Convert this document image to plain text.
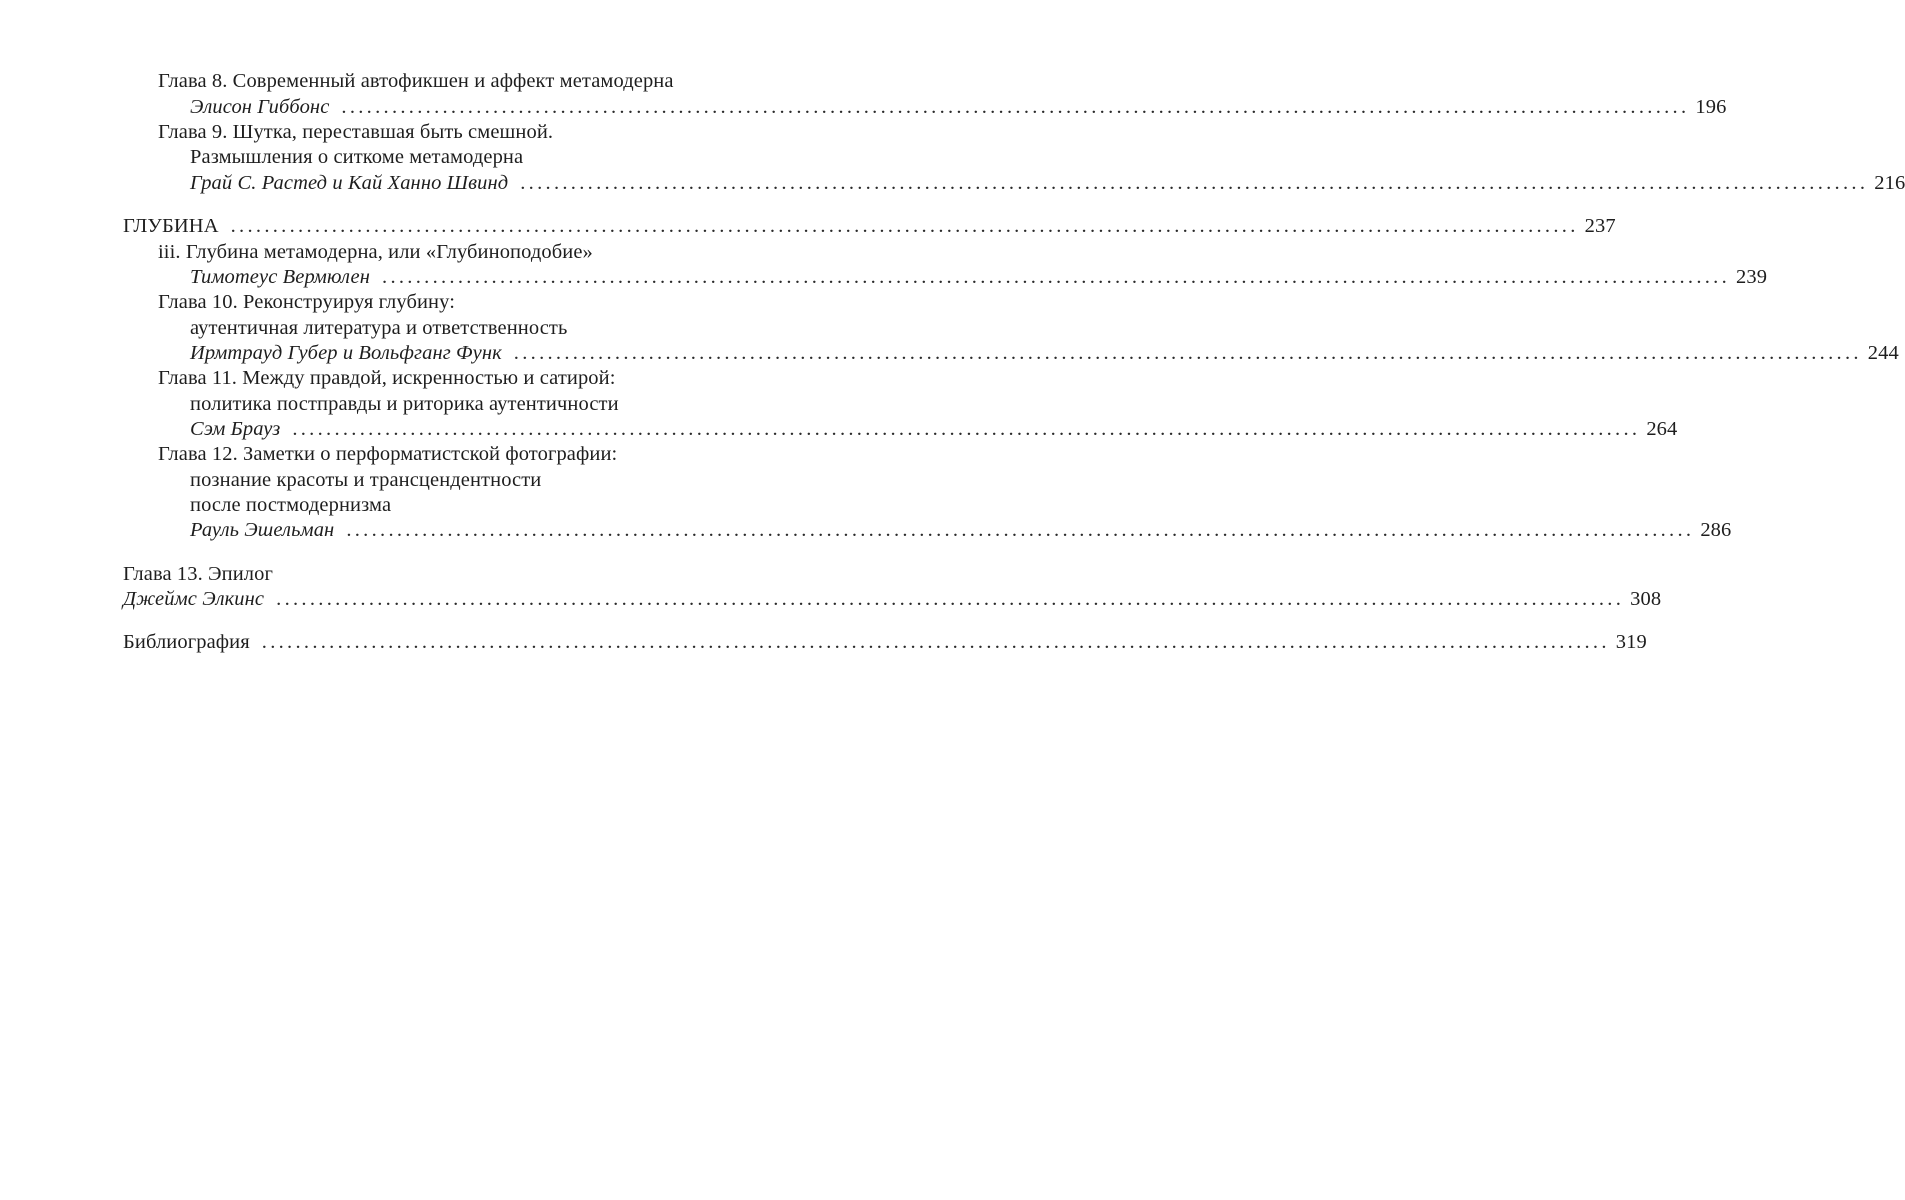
Глава 8. Современный автофикшен и аффект метамодерна
Элисон Гиббонс ................................................................................................................................................................ 196
Глава 9. Шутка, переставшая быть смешной.
Размышления о ситкоме метамодерна
Грай С. Растед и Кай Ханно Швинд ................................................................................................................................................................ 216
ГЛУБИНА ................................................................................................................................................................ 237
iii. Глубина метамодерна, или «Глубиноподобие»
Тимотеус Вермюлен ................................................................................................................................................................ 239
Глава 10. Реконструируя глубину:
аутентичная литература и ответственность
Ирмтрауд Губер и Вольфганг Функ ................................................................................................................................................................ 244
Глава 11. Между правдой, искренностью и сатирой:
политика постправды и риторика аутентичности
Сэм Брауз ................................................................................................................................................................ 264
Глава 12. Заметки о перформатистской фотографии:
познание красоты и трансцендентности
после постмодернизма
Рауль Эшельман ................................................................................................................................................................ 286
Глава 13. Эпилог
Джеймс Элкинс ................................................................................................................................................................ 308
Библиография ................................................................................................................................................................ 319
